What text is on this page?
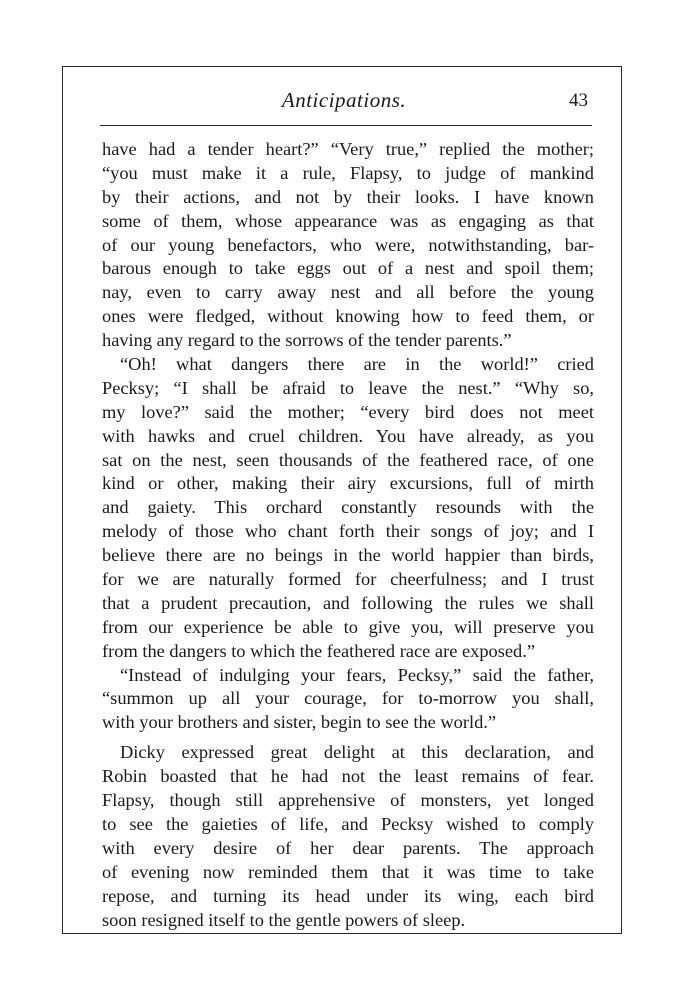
Anticipations.	43
have had a tender heart?” “Very true,” replied the mother;
“you must make it a rule, Flapsy, to judge of mankind
by their actions, and not by their looks. I have known
some of them, whose appearance was as engaging as that
of our young benefactors, who were, notwithstanding, bar-
barous enough to take eggs out of a nest and spoil them;
nay, even to carry away nest and all before the young
ones were fledged, without knowing how to feed them, or
having any regard to the sorrows of the tender parents.”
“Oh! what dangers there are in the world!” cried
Pecksy; “I shall be afraid to leave the nest.” “Why so,
my love?” said the mother; “every bird does not meet
with hawks and cruel children. You have already, as you
sat on the nest, seen thousands of the feathered race, of one
kind or other, making their airy excursions, full of mirth
and gaiety. This orchard constantly resounds with the
melody of those who chant forth their songs of joy; and I
believe there are no beings in the world happier than birds,
for we are naturally formed for cheerfulness; and I trust
that a prudent precaution, and following the rules we shall
from our experience be able to give you, will preserve you
from the dangers to which the feathered race are exposed.”
“Instead of indulging your fears, Pecksy,” said the father,
“summon up all your courage, for to-morrow you shall,
with your brothers and sister, begin to see the world.”
Dicky expressed great delight at this declaration, and
Robin boasted that he had not the least remains of fear.
Flapsy, though still apprehensive of monsters, yet longed
to see the gaieties of life, and Pecksy wished to comply
with every desire of her dear parents. The approach
of evening now reminded them that it was time to take
repose, and turning its head under its wing, each bird
soon resigned itself to the gentle powers of sleep.
